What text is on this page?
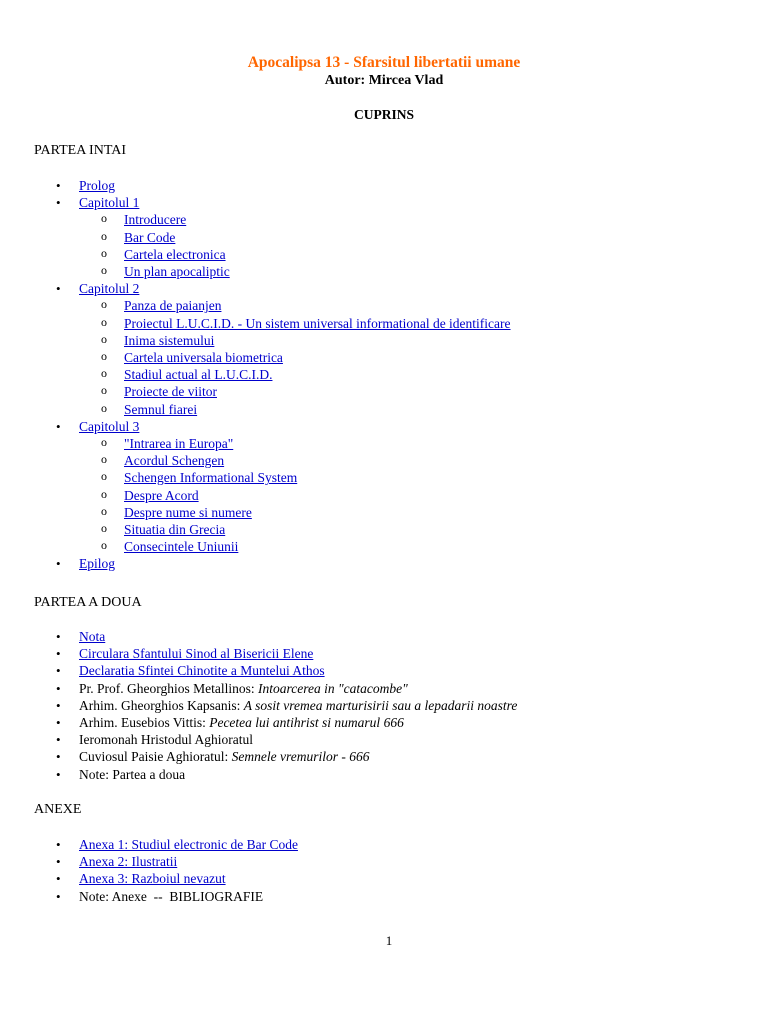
Apocalipsa 13 - Sfarsitul libertatii umane
Autor: Mircea Vlad
CUPRINS
PARTEA INTAI
• Prolog
• Capitolul 1
o Introducere
o Bar Code
o Cartela electronica
o Un plan apocaliptic
• Capitolul 2
o Panza de paianjen
o Proiectul L.U.C.I.D. - Un sistem universal informational de identificare
o Inima sistemului
o Cartela universala biometrica
o Stadiul actual al L.U.C.I.D.
o Proiecte de viitor
o Semnul fiarei
• Capitolul 3
o "Intrarea in Europa"
o Acordul Schengen
o Schengen Informational System
o Despre Acord
o Despre nume si numere
o Situatia din Grecia
o Consecintele Uniunii
• Epilog
PARTEA A DOUA
• Nota
• Circulara Sfantului Sinod al Bisericii Elene
• Declaratia Sfintei Chinotite a Muntelui Athos
• Pr. Prof. Gheorghios Metallinos: Intoarcerea in "catacombe"
• Arhim. Gheorghios Kapsanis: A sosit vremea marturisirii sau a lepadarii noastre
• Arhim. Eusebios Vittis: Pecetea lui antihrist si numarul 666
• Ieromonah Hristodul Aghioratul
• Cuviosul Paisie Aghioratul: Semnele vremurilor - 666
• Note: Partea a doua
ANEXE
• Anexa 1: Studiul electronic de Bar Code
• Anexa 2: Ilustratii
• Anexa 3: Razboiul nevazut
• Note: Anexe  --  BIBLIOGRAFIE
1
